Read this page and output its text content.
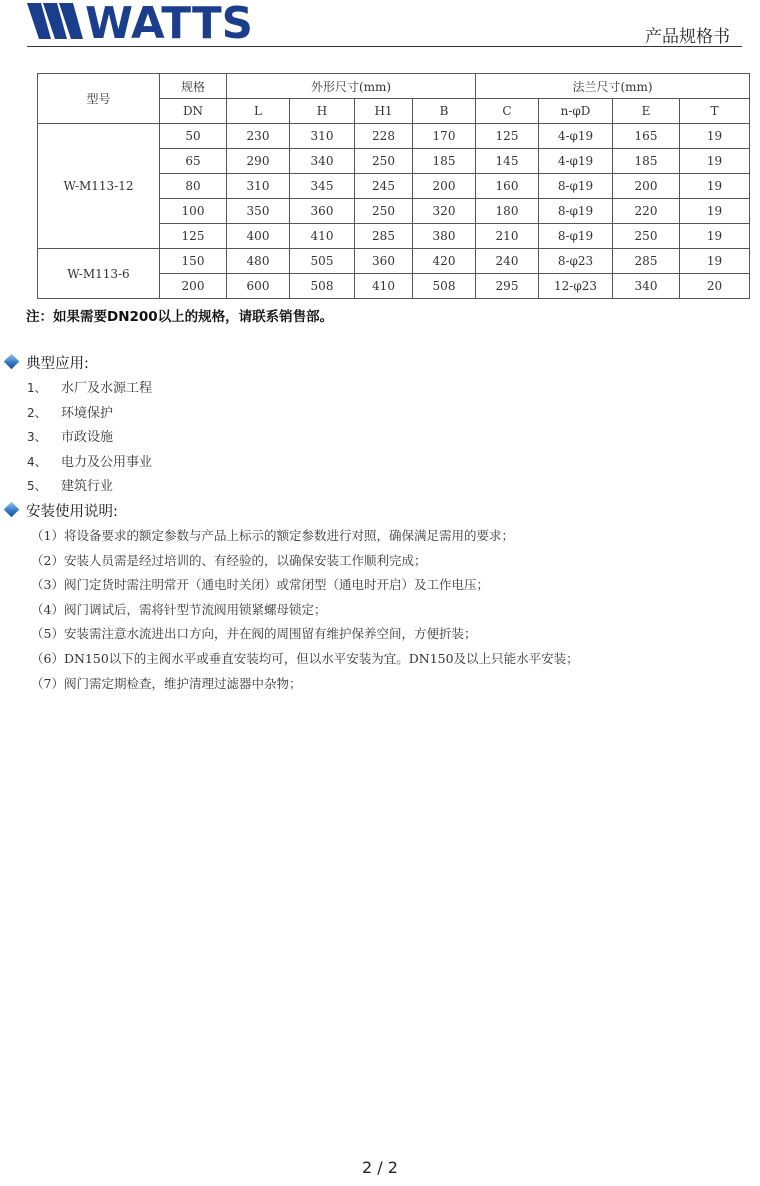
WATTS	产品规格书
型号	规格	外形尺寸(mm)				法兰尺寸(mm)			
	DN	L	H	H1	B	C	n-φD	E	T
W-M113-12	50	230	310	228	170	125	4-φ19	165	19
	65	290	340	250	185	145	4-φ19	185	19
	80	310	345	245	200	160	8-φ19	200	19
	100	350	360	250	320	180	8-φ19	220	19
	125	400	410	285	380	210	8-φ19	250	19
W-M113-6	150	480	505	360	420	240	8-φ23	285	19
	200	600	508	410	508	295	12-φ23	340	20
注：如果需要DN200以上的规格，请联系销售部。
典型应用:
1、 水厂及水源工程
2、 环境保护
3、 市政设施
4、 电力及公用事业
5、 建筑行业
安装使用说明:
（1）将设备要求的额定参数与产品上标示的额定参数进行对照，确保满足需用的要求；
（2）安装人员需是经过培训的、有经验的，以确保安装工作顺利完成；
（3）阀门定货时需注明常开（通电时关闭）或常闭型（通电时开启）及工作电压；
（4）阀门调试后，需将针型节流阀用锁紧螺母锁定；
（5）安装需注意水流进出口方向，并在阀的周围留有维护保养空间，方便折装；
（6）DN150以下的主阀水平或垂直安装均可，但以水平安装为宜。DN150及以上只能水平安装；
（7）阀门需定期检查，维护清理过滤器中杂物；
2 / 2
